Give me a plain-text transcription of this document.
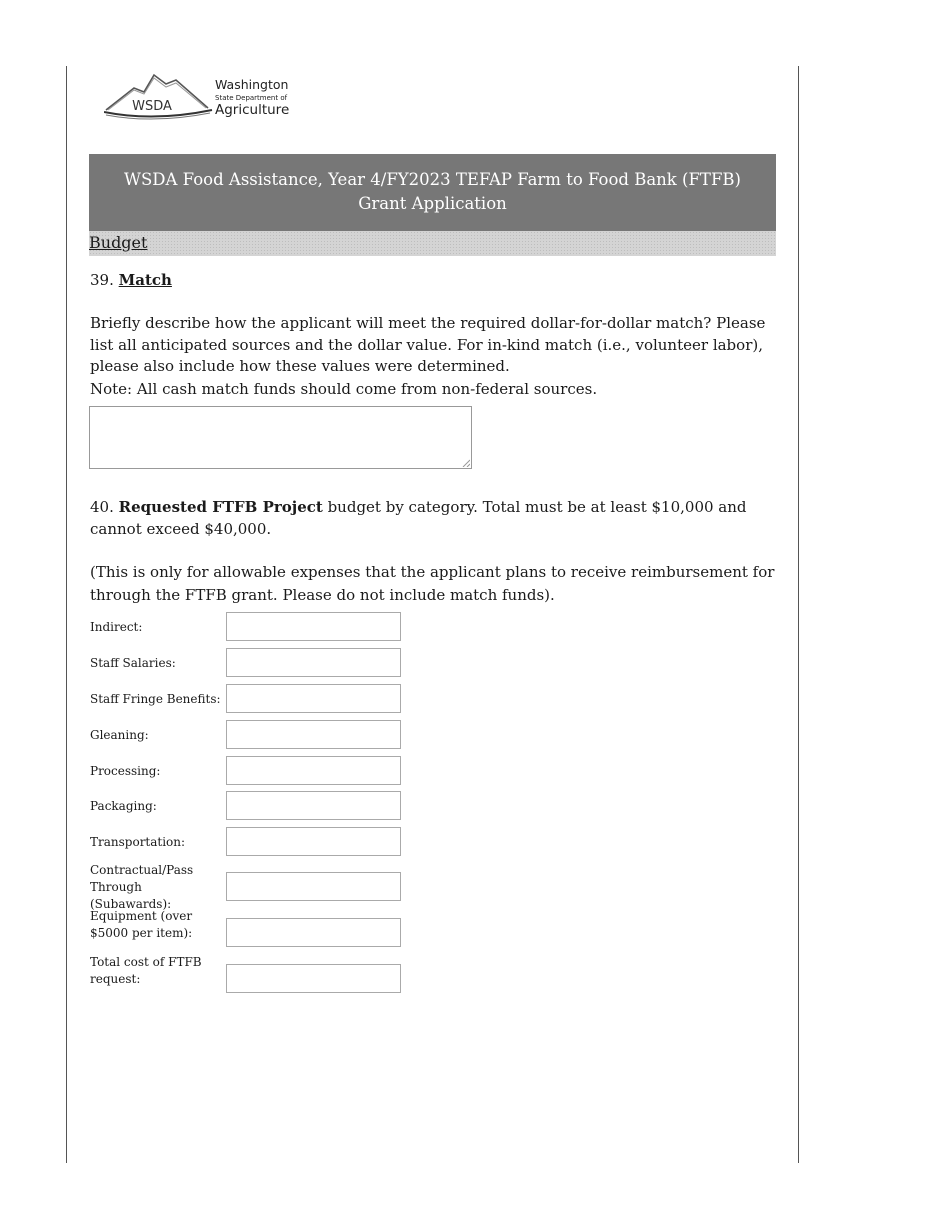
WSDA
Washington
State Department of
Agriculture
WSDA Food Assistance, Year 4/FY2023 TEFAP Farm to Food Bank (FTFB)
Grant Application
Budget
39. Match
Briefly describe how the applicant will meet the required dollar-for-dollar match? Please list all anticipated sources and the dollar value. For in-kind match (i.e., volunteer labor), please also include how these values were determined.
Note: All cash match funds should come from non-federal sources.
40. Requested FTFB Project budget by category. Total must be at least $10,000 and cannot exceed $40,000.
(This is only for allowable expenses that the applicant plans to receive reimbursement for through the FTFB grant. Please do not include match funds).
Indirect:
Staff Salaries:
Staff Fringe Benefits:
Gleaning:
Processing:
Packaging:
Transportation:
Contractual/Pass Through (Subawards):
Equipment (over $5000 per item):
Total cost of FTFB request:
